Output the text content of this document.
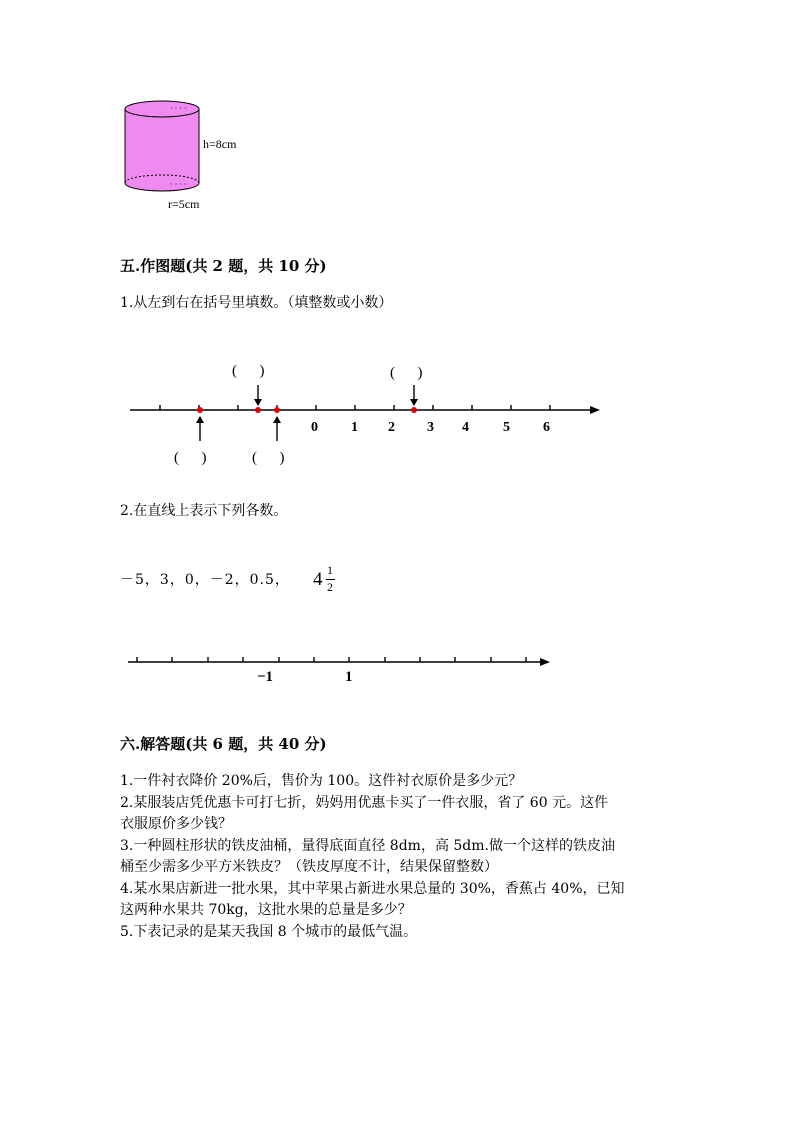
· · · ·
· · · ·
h=8cm
r=5cm
五.作图题(共 2 题，共 10 分)
1.从左到右在括号里填数。（填整数或小数）
0 1 2 3 4 5 6
(      )	(      )
(      )	(      )
2.在直线上表示下列各数。
－5，3，0，－2，0.5， 4 1
2
−1	1
六.解答题(共 6 题，共 40 分)
1.一件衬衣降价 20%后，售价为 100。这件衬衣原价是多少元？
2.某服装店凭优惠卡可打七折，妈妈用优惠卡买了一件衣服，省了 60 元。这件
衣服原价多少钱？
3.一种圆柱形状的铁皮油桶，量得底面直径 8dm，高 5dm.做一个这样的铁皮油
桶至少需多少平方米铁皮？（铁皮厚度不计，结果保留整数）
4.某水果店新进一批水果，其中苹果占新进水果总量的 30%，香蕉占 40%，已知
这两种水果共 70kg，这批水果的总量是多少？
5.下表记录的是某天我国 8 个城市的最低气温。
